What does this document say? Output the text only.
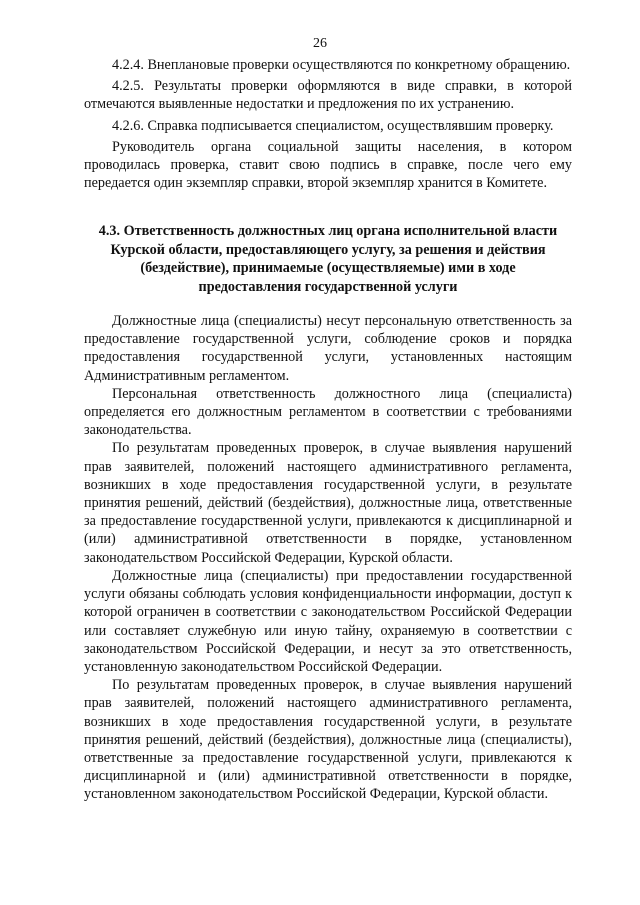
26

4.2.4. Внеплановые проверки осуществляются по конкретному обращению.

4.2.5. Результаты проверки оформляются в виде справки, в которой отмечаются выявленные недостатки и предложения по их устранению.

4.2.6. Справка подписывается специалистом, осуществлявшим проверку.

Руководитель органа социальной защиты населения, в котором проводилась проверка, ставит свою подпись в справке, после чего ему передается один экземпляр справки, второй экземпляр хранится в Комитете.

4.3. Ответственность должностных лиц органа исполнительной власти Курской области, предоставляющего услугу, за решения и действия (бездействие), принимаемые (осуществляемые) ими в ходе предоставления государственной услуги

Должностные лица (специалисты) несут персональную ответственность за предоставление государственной услуги, соблюдение сроков и порядка предоставления государственной услуги, установленных настоящим Административным регламентом.

Персональная ответственность должностного лица (специалиста) определяется его должностным регламентом в соответствии с требованиями законодательства.

По результатам проведенных проверок, в случае выявления нарушений прав заявителей, положений настоящего административного регламента, возникших в ходе предоставления государственной услуги, в результате принятия решений, действий (бездействия), должностные лица, ответственные за предоставление государственной услуги, привлекаются к дисциплинарной и (или) административной ответственности в порядке, установленном законодательством Российской Федерации, Курской области.

Должностные лица (специалисты) при предоставлении государственной услуги обязаны соблюдать условия конфиденциальности информации, доступ к которой ограничен в соответствии с законодательством Российской Федерации или составляет служебную или иную тайну, охраняемую в соответствии с законодательством Российской Федерации, и несут за это ответственность, установленную законодательством Российской Федерации.

По результатам проведенных проверок, в случае выявления нарушений прав заявителей, положений настоящего административного регламента, возникших в ходе предоставления государственной услуги, в результате принятия решений, действий (бездействия), должностные лица (специалисты), ответственные за предоставление государственной услуги, привлекаются к дисциплинарной и (или) административной ответственности в порядке, установленном законодательством Российской Федерации, Курской области.
